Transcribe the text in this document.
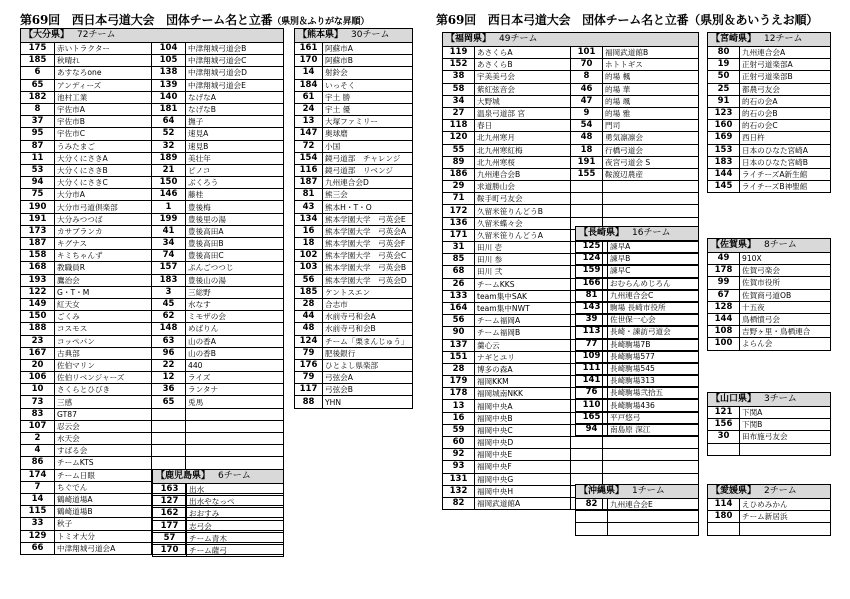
第69回　西日本弓道大会　団体チーム名と立番（県別＆ふりがな昇順）	第69回　西日本弓道大会　団体チーム名と立番（県別＆あいうえお順）
【大分県】 72チーム			
175	赤いトラクター	104	中津翔城弓道会B
185	秋晴れ	105	中津翔城弓道会C
6	あすなろone	138	中津翔城弓道会D
65	アンディーズ	139	中津翔城弓道会E
182	池村工業	140	なげなA
8	宇佐市A	181	なげなB
37	宇佐市B	64	撫子
95	宇佐市C	52	速見A
87	うみたまご	32	速見B
11	大分くにさきA	189	美壮年
53	大分くにさきB	21	ピノコ
94	大分くにさきC	150	ぶくろう
75	大分市A	146	藤桂
190	大分市弓道倶楽部	1	豊後梅
191	大分みつつば	199	豊後里の湯
173	カサブランカ	41	豊後高田A
187	キグナス	34	豊後高田B
158	キミちゃんず	74	豊後高田C
168	教職員R	157	ぷんごつつじ
193	鷹治会	183	豊後山の湯
122	G・T・M	3	三総野
149	紅天女	45	水なす
150	ごくみ	62	ミモザの会
188	コスモス	148	めばりん
23	コッペパン	63	山の香A
167	古典部	96	山の香B
20	佐伯マリン	22	440
106	佐伯リベンジャーズ	12	ライズ
10	さくらとひびき	36	ランタナ
73	三感	65	兎馬
83	GT87		
107	忍云会		
2	水天会		
4	すばる会		
86	チームKTS		
174	チーム日眼		
7	ちぐでん		
14	鶴崎道場A		
115	鶴崎道場B		
33	秋子		
129	トミオ大分		
66	中津翔城弓道会A		
【熊本県】 30チーム	
161	阿蘇市A
170	阿蘇市B
14	射鈴会
184	いっそく
61	宇土 勝
24	宇土 優
13	大塚ファミリー
147	奥球磨
72	小国
154	鏡弓道部　チャレンジ
116	鏡弓道部　リベンジ
187	九州連合会D
81	熊三会
43	熊本H・T・O
134	熊本学園大学　弓英会E
16	熊本学園大学　弓英会A
18	熊本学園大学　弓英会F
102	熊本学園大学　弓英会C
103	熊本学園大学　弓英会B
56	熊本学園大学　弓英会D
185	ケントスエン
28	合志市
44	水前寺弓和会A
48	水前寺弓和会B
124	チーム「栗まんじゅう」
79	肥後銀行
176	ひとよし県楽部
79	弓弦会A
117	弓弦会B
88	YHN
【鹿児島県】 6チーム	
163	出水
127	出水やなっぺ
162	おおすみ
177	志弓会
57	チーム青木
170	チーム薩弓
【福岡県】 49チーム			
119	あさくらA	101	福岡武道館B
152	あさくらB	70	ホトトギス
38	宇美美弓会	8	的場 楓
58	紫紅弦音会	46	的場 華
34	大野城	47	的場 颯
27	温泉弓道部 宮	9	的場 雅
118	春日	54	門司
120	北九州寒月	48	勇気凛凛会
55	北九州寒紅梅	18	行橋弓道会
89	北九州寒桜	191	夜宮弓道会 S
186	九州連合会B	155	鞍渡辺農産
29	求道勝山会		
71	鞍手町弓友会		
172	久留米笹りんどうB		
136	久留米蝶々会		
171	久留米笹りんどうA		
31	田川 壱		
85	田川 参		
68	田川 弐		
26	チームKKS		
133	team集中SAK		
164	team集中NWT		
56	チーム福岡A		
90	チーム福岡B		
137	羹心云		
151	ナギとユリ		
28	博多の森A		
179	福岡KKM		
178	福岡城南NKK		
13	福岡中央A		
16	福岡中央B		
59	福岡中央C		
60	福岡中央D		
92	福岡中央E		
93	福岡中央F		
131	福岡中央G		
132	福岡中央H		
82	福岡武道館A		
【長崎県】 16チーム	
125	諫早A
124	諫早B
159	諫早C
166	おむらんめじろん
81	九州連合会C
143	駒場 長崎市役所
39	佐世保一心会
113	長崎・諫訪弓道会
77	長崎駒場7B
109	長崎駒場577
111	長崎駒場545
141	長崎駒場313
76	長崎駒場弐拾五
110	長崎駒場436
165	平戸悠弓
94	南島原 深江
【沖縄県】 1チーム	
82	九州連合会E

【宮崎県】 12チーム	
80	九州連合会A
19	正射弓道楽部A
50	正射弓道楽部B
25	都農弓友会
91	的石の会A
123	的石の会B
160	的石の会C
169	西日杵
153	日本のひなた宮崎A
183	日本のひなた宮崎B
144	ライチーズA新生館
145	ライチーズB神聖館
【佐賀県】 8チーム	
49	910X
178	佐賀弓楽会
99	佐賀市役所
67	佐賀商弓道OB
128	十五夜
144	鳥栖憤弓会
108	吉野ヶ里・鳥栖連合
100	よらん会
【山口県】 3チーム	
121	下関A
156	下関B
30	田布施弓友会

【愛媛県】 2チーム	
114	えひめみかん
180	チーム新居浜
